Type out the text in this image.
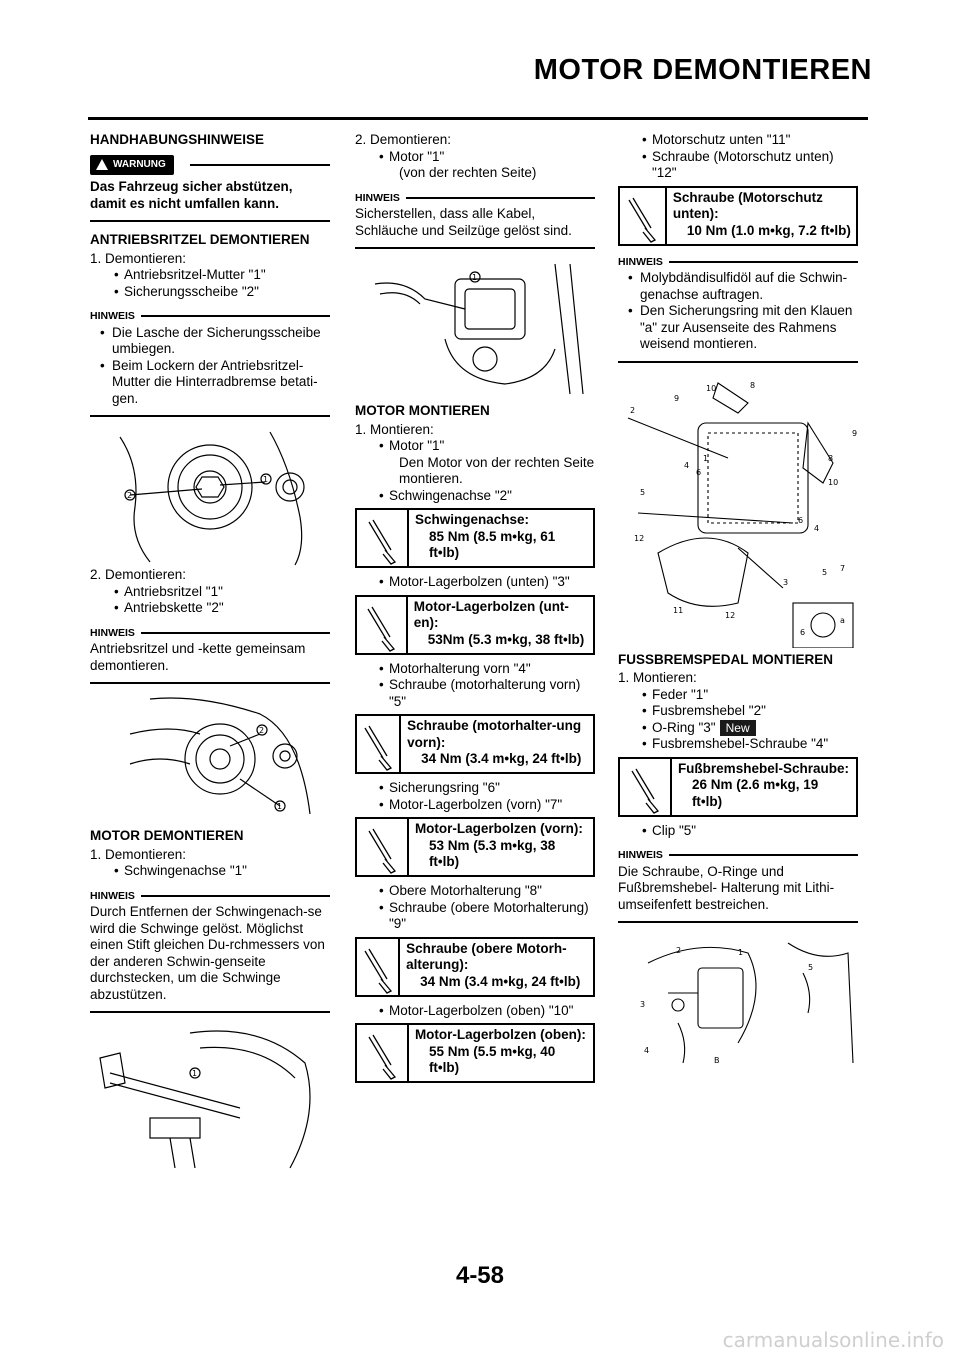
MOTOR DEMONTIEREN
HANDHABUNGSHINWEISE
WARNUNG

Das Fahrzeug sicher abstützen, damit es nicht umfallen kann.

ANTRIEBSRITZEL DEMONTIEREN

1. Demontieren:

• Antriebsritzel-Mutter "1"
• Sicherungsscheibe "2"
HINWEIS
• Die Lasche der Sicherungsscheibe umbiegen.
• Beim Lockern der Antriebsritzel-Mutter die Hinterradbremse betati-gen.
2
1

2. Demontieren:

• Antriebsritzel "1"
• Antriebskette "2"
HINWEIS

Antriebsritzel und -kette gemeinsam demontieren.

2
1
MOTOR DEMONTIEREN

1. Demontieren:

• Schwingenachse "1"
HINWEIS

Durch Entfernen der Schwingenach-se wird die Schwinge gelöst. Möglichst einen Stift gleichen Du-rchmessers von der anderen Schwin-genseite durchstecken, um die Schwinge abzustützen.

1

2. Demontieren:

• Motor "1"

(von der rechten Seite)

HINWEIS

Sicherstellen, dass alle Kabel, Schläuche und Seilzüge gelöst sind.

1
MOTOR MONTIEREN

1. Montieren:

• Motor "1"

Den Motor von der rechten Seite montieren.

• Schwingenachse "2"
Schwingenachse:
85 Nm (8.5 m•kg, 61 ft•lb)
• Motor-Lagerbolzen (unten) "3"
Motor-Lagerbolzen (unt-en):
53Nm (5.3 m•kg, 38 ft•lb)
• Motorhalterung vorn "4"
• Schraube (motorhalterung vorn) "5"
Schraube (motorhalter-ung vorn):
34 Nm (3.4 m•kg, 24 ft•lb)
• Sicherungsring "6"
• Motor-Lagerbolzen (vorn) "7"
Motor-Lagerbolzen (vorn):
53 Nm (5.3 m•kg, 38 ft•lb)
• Obere Motorhalterung "8"
• Schraube (obere Motorhalterung) "9"
Schraube (obere Motorh-alterung):
34 Nm (3.4 m•kg, 24 ft•lb)
• Motor-Lagerbolzen (oben) "10"
Motor-Lagerbolzen (oben):
55 Nm (5.5 m•kg, 40 ft•lb)
• Motorschutz unten "11"
• Schraube (Motorschutz unten) "12"
Schraube (Motorschutz unten):
10 Nm (1.0 m•kg, 7.2 ft•lb)
HINWEIS
• Molybdändisulfidöl auf die Schwin-genachse auftragen.
• Den Sicherungsring mit den Klauen "a" zur Ausenseite des Rahmens weisend montieren.
9
10	8
2
9
8
10
4
1
6
5
6
4
12
5 7
3
11
12
a
6
FUSSBREMSPEDAL MONTIEREN

1. Montieren:

• Feder "1"
• Fusbremshebel "2"
• O-Ring "3" New
• Fusbremshebel-Schraube "4"
Fußbremshebel-Schraube:
26 Nm (2.6 m•kg, 19 ft•lb)
• Clip "5"
HINWEIS

Die Schraube, O-Ringe und Fußbremshebel- Halterung mit Lithi-umseifenfett bestreichen.

2	1
5
3
4
B
4-58
carmanualsonline.info
